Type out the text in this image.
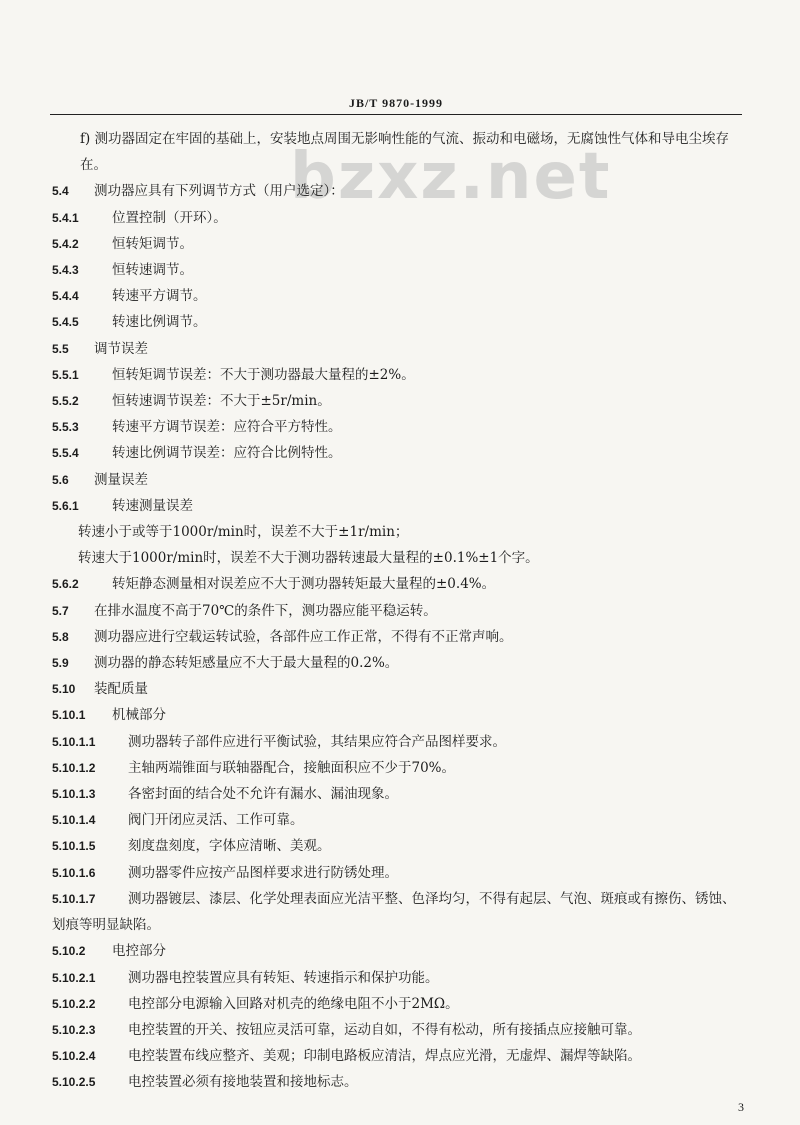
JB/T 9870-1999
bzxz.net
f) 测功器固定在牢固的基础上，安装地点周围无影响性能的气流、振动和电磁场，无腐蚀性气体和导电尘埃存在。
5.4 测功器应具有下列调节方式（用户选定）：
5.4.1 位置控制（开环）。
5.4.2 恒转矩调节。
5.4.3 恒转速调节。
5.4.4 转速平方调节。
5.4.5 转速比例调节。
5.5 调节误差
5.5.1 恒转矩调节误差：不大于测功器最大量程的±2%。
5.5.2 恒转速调节误差：不大于±5r/min。
5.5.3 转速平方调节误差：应符合平方特性。
5.5.4 转速比例调节误差：应符合比例特性。
5.6 测量误差
5.6.1 转速测量误差
转速小于或等于1000r/min时，误差不大于±1r/min；
转速大于1000r/min时，误差不大于测功器转速最大量程的±0.1%±1个字。
5.6.2 转矩静态测量相对误差应不大于测功器转矩最大量程的±0.4%。
5.7 在排水温度不高于70℃的条件下，测功器应能平稳运转。
5.8 测功器应进行空载运转试验，各部件应工作正常，不得有不正常声响。
5.9 测功器的静态转矩感量应不大于最大量程的0.2%。
5.10 装配质量
5.10.1 机械部分
5.10.1.1 测功器转子部件应进行平衡试验，其结果应符合产品图样要求。
5.10.1.2 主轴两端锥面与联轴器配合，接触面积应不少于70%。
5.10.1.3 各密封面的结合处不允许有漏水、漏油现象。
5.10.1.4 阀门开闭应灵活、工作可靠。
5.10.1.5 刻度盘刻度，字体应清晰、美观。
5.10.1.6 测功器零件应按产品图样要求进行防锈处理。
5.10.1.7 测功器镀层、漆层、化学处理表面应光洁平整、色泽均匀，不得有起层、气泡、斑痕或有擦伤、锈蚀、划痕等明显缺陷。
5.10.2 电控部分
5.10.2.1 测功器电控装置应具有转矩、转速指示和保护功能。
5.10.2.2 电控部分电源输入回路对机壳的绝缘电阻不小于2MΩ。
5.10.2.3 电控装置的开关、按钮应灵活可靠，运动自如，不得有松动，所有接插点应接触可靠。
5.10.2.4 电控装置布线应整齐、美观；印制电路板应清洁，焊点应光滑，无虚焊、漏焊等缺陷。
5.10.2.5 电控装置必须有接地装置和接地标志。
3
